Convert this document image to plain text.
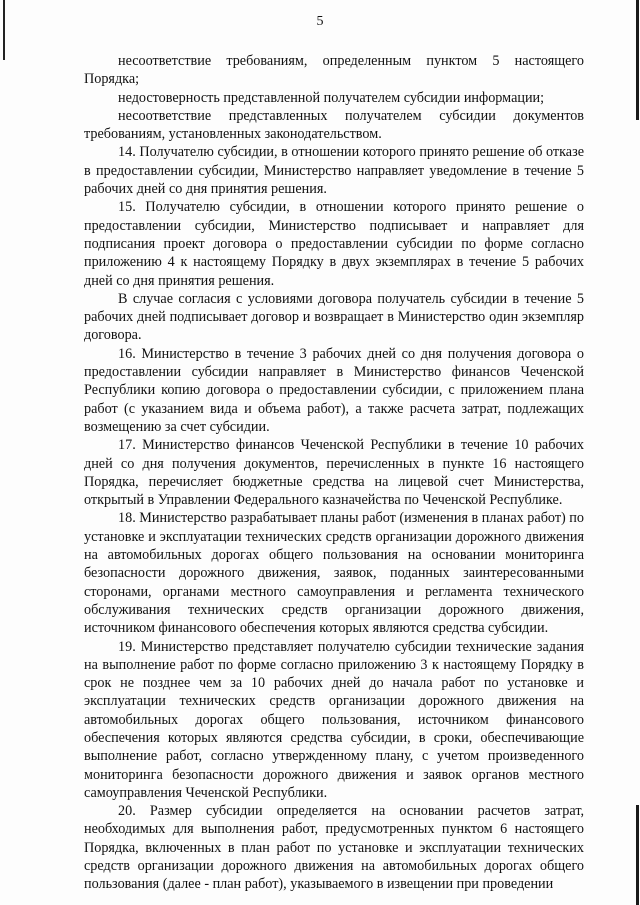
5

несоответствие требованиям, определенным пунктом 5 настоящего Порядка;

недостоверность представленной получателем субсидии информации;

несоответствие представленных получателем субсидии документов требованиям, установленных законодательством.

14. Получателю субсидии, в отношении которого принято решение об отказе в предоставлении субсидии, Министерство направляет уведомление в течение 5 рабочих дней со дня принятия решения.

15. Получателю субсидии, в отношении которого принято решение о предоставлении субсидии, Министерство подписывает и направляет для подписания проект договора о предоставлении субсидии по форме согласно приложению 4 к настоящему Порядку в двух экземплярах в течение 5 рабочих дней со дня принятия решения.

В случае согласия с условиями договора получатель субсидии в течение 5 рабочих дней подписывает договор и возвращает в Министерство один экземпляр договора.

16. Министерство в течение 3 рабочих дней со дня получения договора о предоставлении субсидии направляет в Министерство финансов Чеченской Республики копию договора о предоставлении субсидии, с приложением плана работ (с указанием вида и объема работ), а также расчета затрат, подлежащих возмещению за счет субсидии.

17. Министерство финансов Чеченской Республики в течение 10 рабочих дней со дня получения документов, перечисленных в пункте 16 настоящего Порядка, перечисляет бюджетные средства на лицевой счет Министерства, открытый в Управлении Федерального казначейства по Чеченской Республике.

18. Министерство разрабатывает планы работ (изменения в планах работ) по установке и эксплуатации технических средств организации дорожного движения на автомобильных дорогах общего пользования на основании мониторинга безопасности дорожного движения, заявок, поданных заинтересованными сторонами, органами местного самоуправления и регламента технического обслуживания технических средств организации дорожного движения, источником финансового обеспечения которых являются средства субсидии.

19. Министерство представляет получателю субсидии технические задания на выполнение работ по форме согласно приложению 3 к настоящему Порядку в срок не позднее чем за 10 рабочих дней до начала работ по установке и эксплуатации технических средств организации дорожного движения на автомобильных дорогах общего пользования, источником финансового обеспечения которых являются средства субсидии, в сроки, обеспечивающие выполнение работ, согласно утвержденному плану, с учетом произведенного мониторинга безопасности дорожного движения и заявок органов местного самоуправления Чеченской Республики.

20. Размер субсидии определяется на основании расчетов затрат, необходимых для выполнения работ, предусмотренных пунктом 6 настоящего Порядка, включенных в план работ по установке и эксплуатации технических средств организации дорожного движения на автомобильных дорогах общего пользования (далее - план работ), указываемого в извещении при проведении
